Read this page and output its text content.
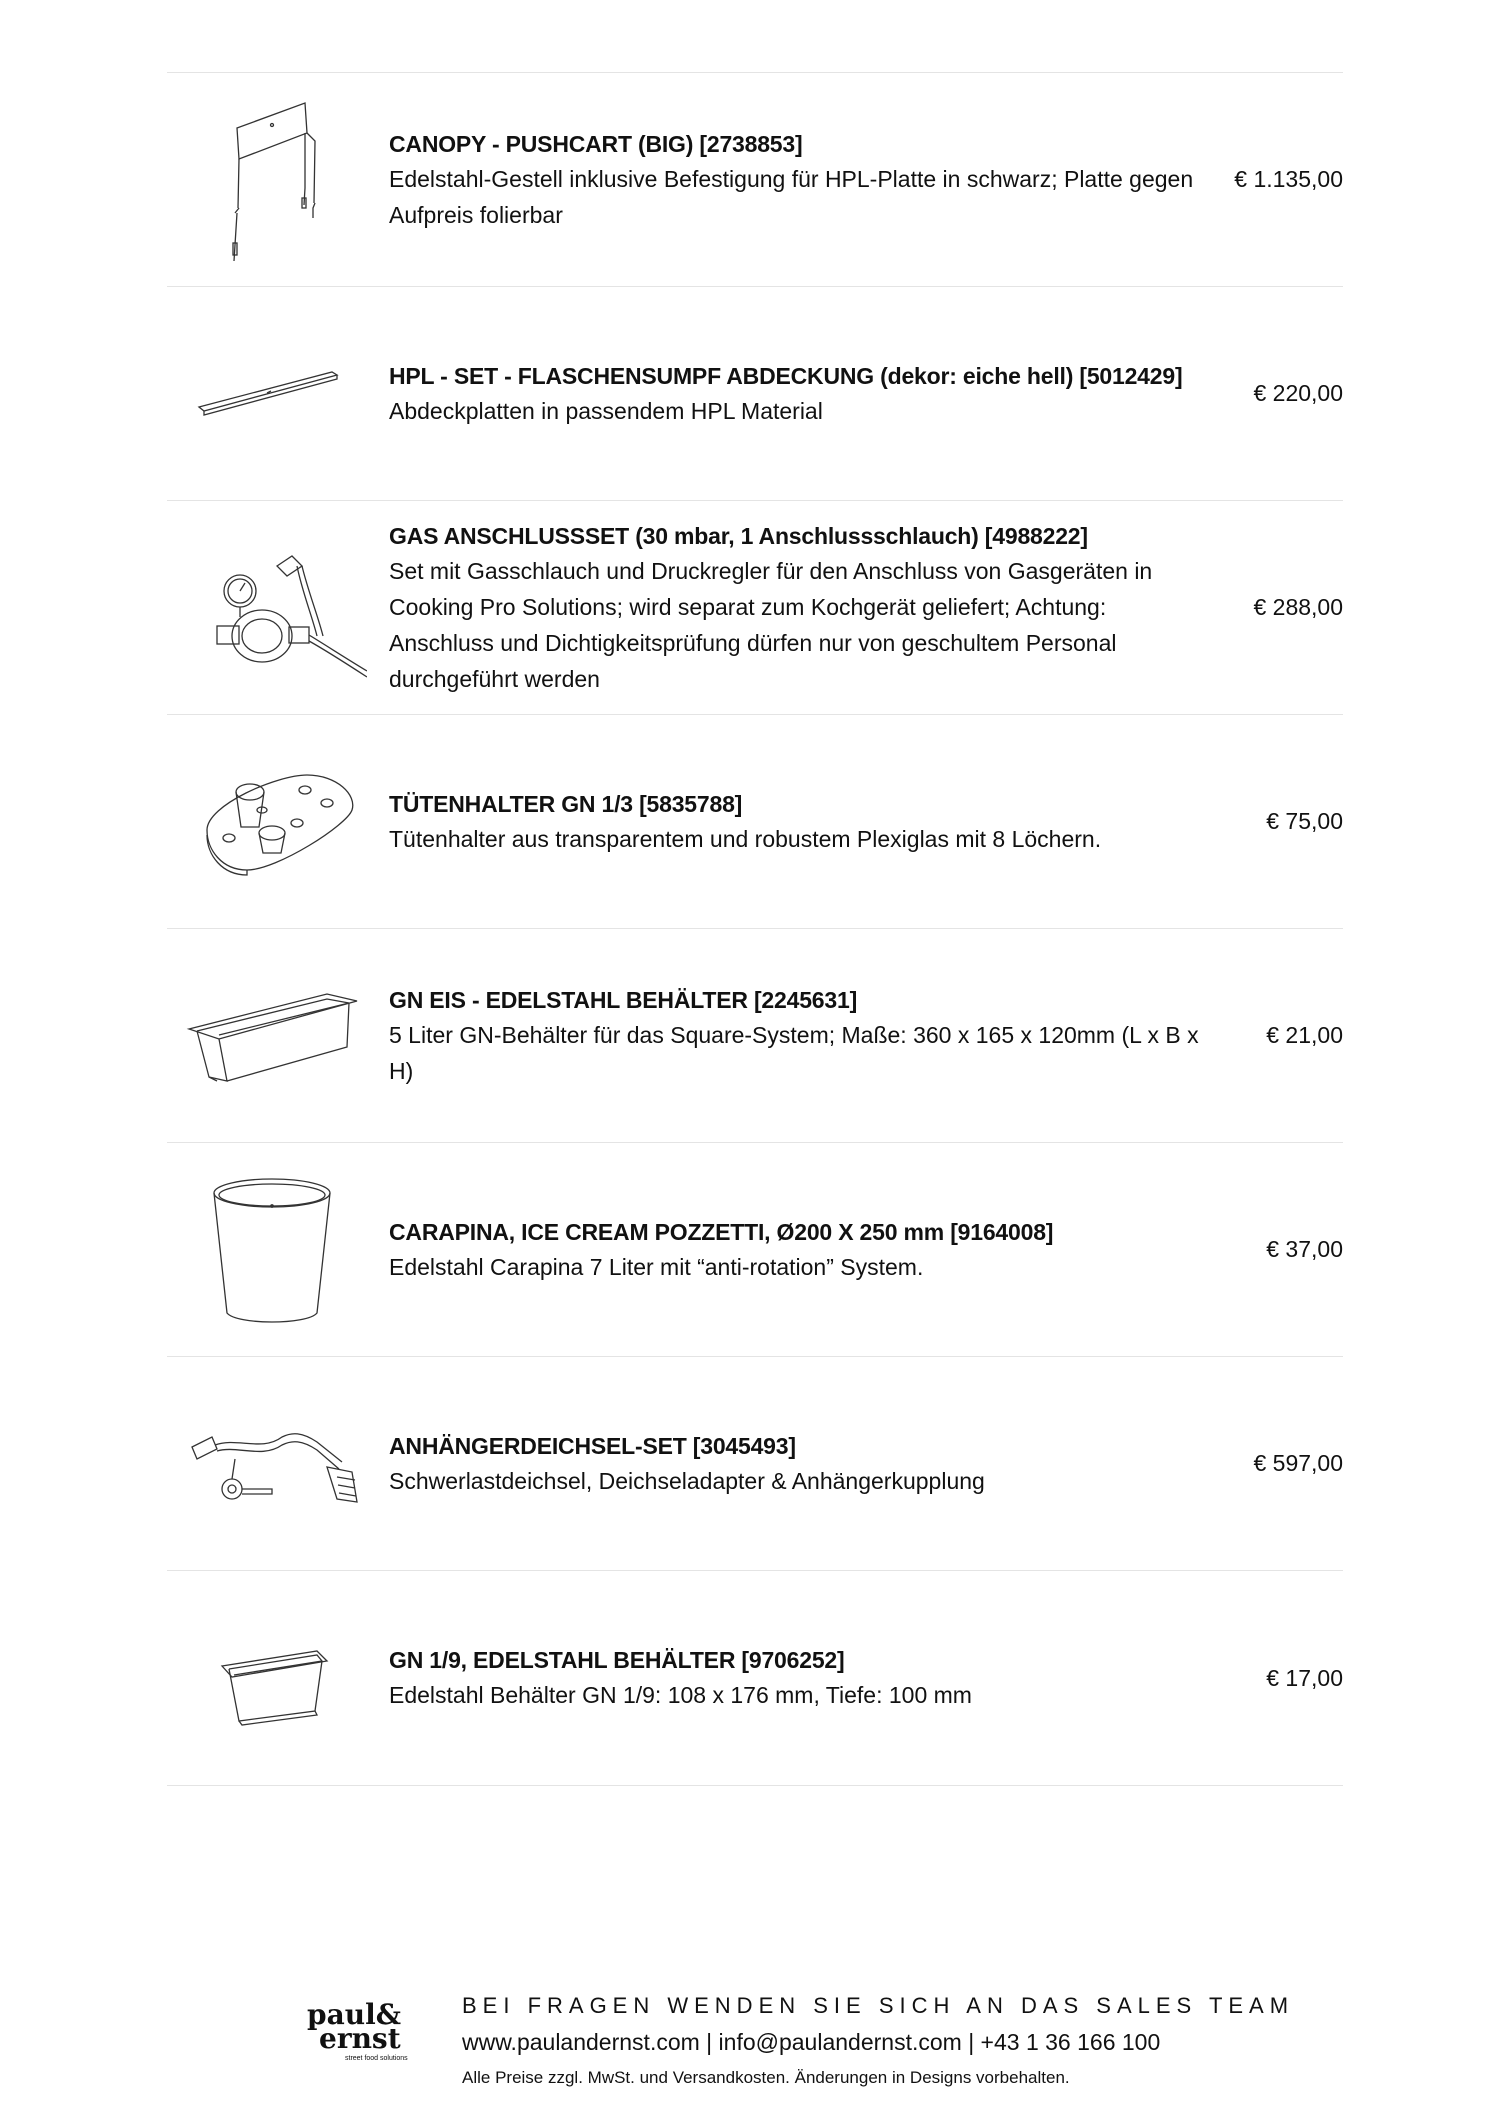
CANOPY - PUSHCART (BIG) [2738853]
Edelstahl-Gestell inklusive Befestigung für HPL-Platte in schwarz; Platte gegen Aufpreis folierbar
€ 1.135,00
HPL - SET - FLASCHENSUMPF ABDECKUNG (dekor: eiche hell) [5012429]
Abdeckplatten in passendem HPL Material
€ 220,00
GAS ANSCHLUSSSET (30 mbar, 1 Anschlussschlauch) [4988222]
Set mit Gasschlauch und Druckregler für den Anschluss von Gasgeräten in Cooking Pro Solutions; wird separat zum Kochgerät geliefert; Achtung: Anschluss und Dichtigkeitsprüfung dürfen nur von geschultem Personal durchgeführt werden
€ 288,00
TÜTENHALTER GN 1/3 [5835788]
Tütenhalter aus transparentem und robustem Plexiglas mit 8 Löchern.
€ 75,00
GN EIS - EDELSTAHL BEHÄLTER [2245631]
5 Liter GN-Behälter für das Square-System; Maße: 360 x 165 x 120mm (L x B x H)
€ 21,00
CARAPINA, ICE CREAM POZZETTI, Ø200 X 250 mm [9164008]
Edelstahl Carapina 7 Liter mit “anti-rotation” System.
€ 37,00
ANHÄNGERDEICHSEL-SET [3045493]
Schwerlastdeichsel, Deichseladapter & Anhängerkupplung
€ 597,00
GN 1/9, EDELSTAHL BEHÄLTER [9706252]
Edelstahl Behälter GN 1/9: 108 x 176 mm, Tiefe: 100 mm
€ 17,00
paul&
ernst
street food solutions
BEI FRAGEN WENDEN SIE SICH AN DAS SALES TEAM
www.paulandernst.com | info@paulandernst.com | +43 1 36 166 100
Alle Preise zzgl. MwSt. und Versandkosten. Änderungen in Designs vorbehalten.
